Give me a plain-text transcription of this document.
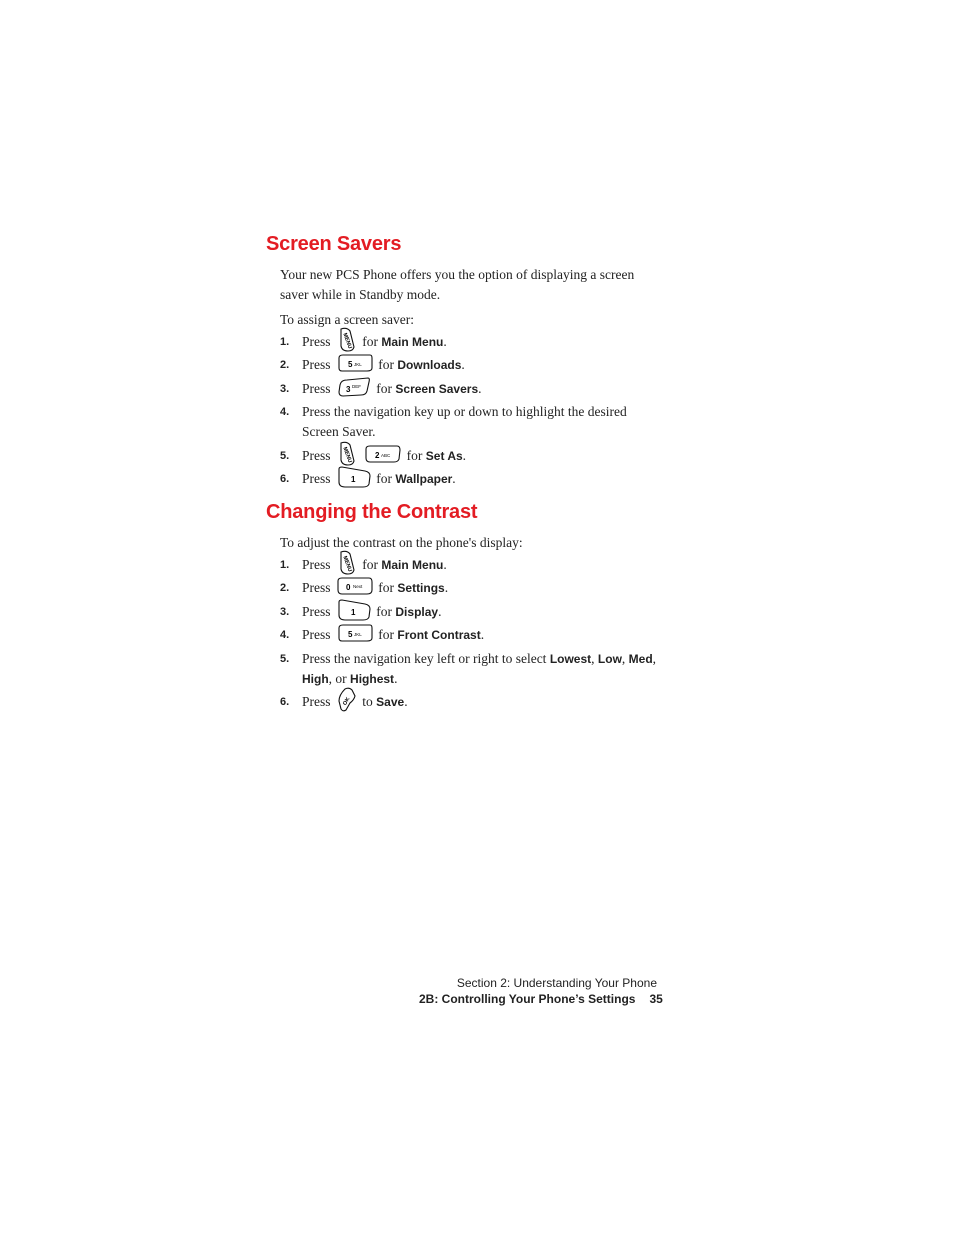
Screen Savers

Your new PCS Phone offers you the option of displaying a screen saver while in Standby mode.

To assign a screen saver:

1. Press MENU for Main Menu.
2. Press 5 JKL for Downloads.
3. Press 3 DEF for Screen Savers.
4. Press the navigation key up or down to highlight the desired Screen Saver.
5. Press MENU
	2 ABC for Set As.
6. Press	1 for Wallpaper.
Changing the Contrast

To adjust the contrast on the phone's display:

1. Press MENU for Main Menu.
2. Press 0 Next for Settings.
3. Press	1 for Display.
4. Press 5 JKL for Front Contrast.
5. Press the navigation key left or right to select Lowest, Low, Med, High, or Highest.
6. Press OK to Save.
Section 2: Understanding Your Phone
2B: Controlling Your Phone’s Settings 35
